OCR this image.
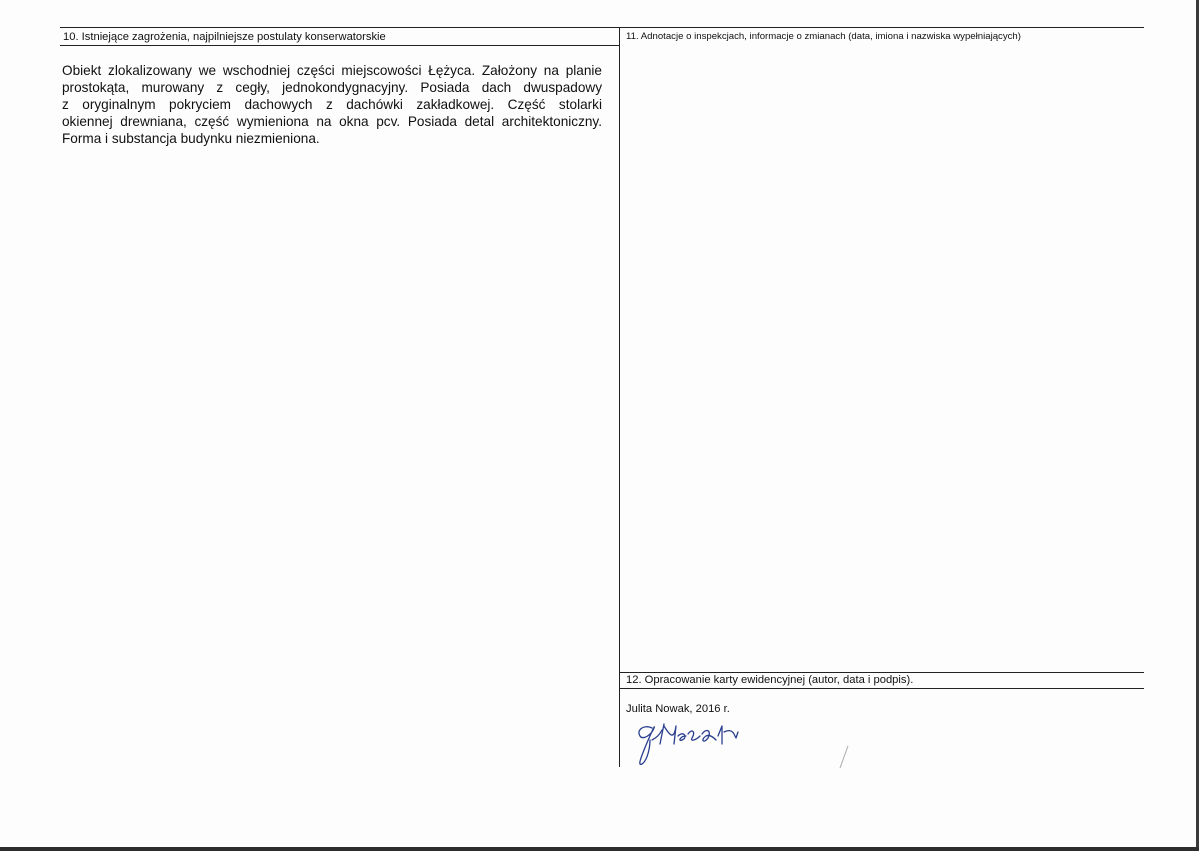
10. Istniejące zagrożenia, najpilniejsze postulaty konserwatorskie	11. Adnotacje o inspekcjach, informacje o zmianach (data, imiona i nazwiska wypełniających)
Obiekt zlokalizowany we wschodniej części miejscowości Łężyca. Założony na planie
prostokąta, murowany z cegły, jednokondygnacyjny. Posiada dach dwuspadowy
z oryginalnym pokryciem dachowych z dachówki zakładkowej. Część stolarki
okiennej drewniana, część wymieniona na okna pcv. Posiada detal architektoniczny.
Forma i substancja budynku niezmieniona.
12. Opracowanie karty ewidencyjnej (autor, data i podpis).
Julita Nowak, 2016 r.
